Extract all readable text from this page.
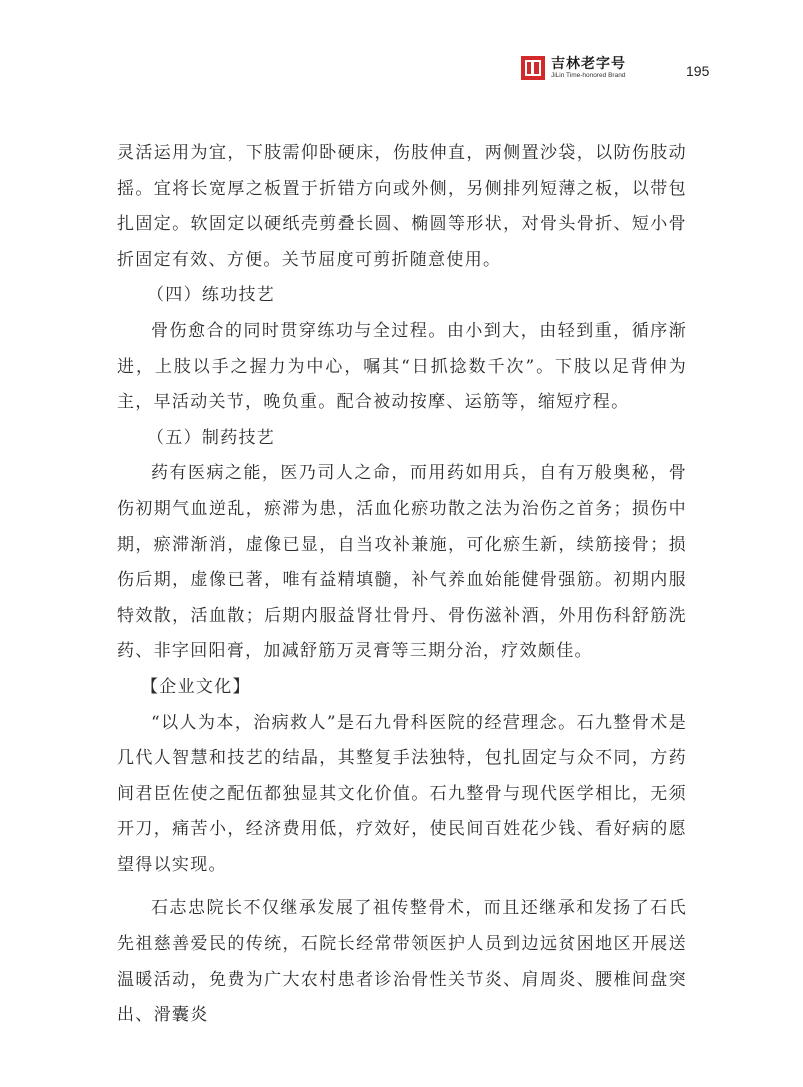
吉林老字号
JiLin Time-honored Brand	195

灵活运用为宜，下肢需仰卧硬床，伤肢伸直，两侧置沙袋，以防伤肢动摇。宜将长宽厚之板置于折错方向或外侧，另侧排列短薄之板，以带包扎固定。软固定以硬纸壳剪叠长圆、椭圆等形状，对骨头骨折、短小骨折固定有效、方便。关节屈度可剪折随意使用。

（四）练功技艺

骨伤愈合的同时贯穿练功与全过程。由小到大，由轻到重，循序渐进，上肢以手之握力为中心，嘱其“日抓捻数千次”。下肢以足背伸为主，早活动关节，晚负重。配合被动按摩、运筋等，缩短疗程。

（五）制药技艺

药有医病之能，医乃司人之命，而用药如用兵，自有万般奥秘，骨伤初期气血逆乱，瘀滞为患，活血化瘀功散之法为治伤之首务；损伤中期，瘀滞渐消，虚像已显，自当攻补兼施，可化瘀生新，续筋接骨；损伤后期，虚像已著，唯有益精填髓，补气养血始能健骨强筋。初期内服特效散，活血散；后期内服益肾壮骨丹、骨伤滋补酒，外用伤科舒筋洗药、非字回阳膏，加减舒筋万灵膏等三期分治，疗效颇佳。

【企业文化】

“以人为本，治病救人”是石九骨科医院的经营理念。石九整骨术是几代人智慧和技艺的结晶，其整复手法独特，包扎固定与众不同，方药间君臣佐使之配伍都独显其文化价值。石九整骨与现代医学相比，无须开刀，痛苦小，经济费用低，疗效好，使民间百姓花少钱、看好病的愿望得以实现。

石志忠院长不仅继承发展了祖传整骨术，而且还继承和发扬了石氏先祖慈善爱民的传统，石院长经常带领医护人员到边远贫困地区开展送温暖活动，免费为广大农村患者诊治骨性关节炎、肩周炎、腰椎间盘突出、滑囊炎
